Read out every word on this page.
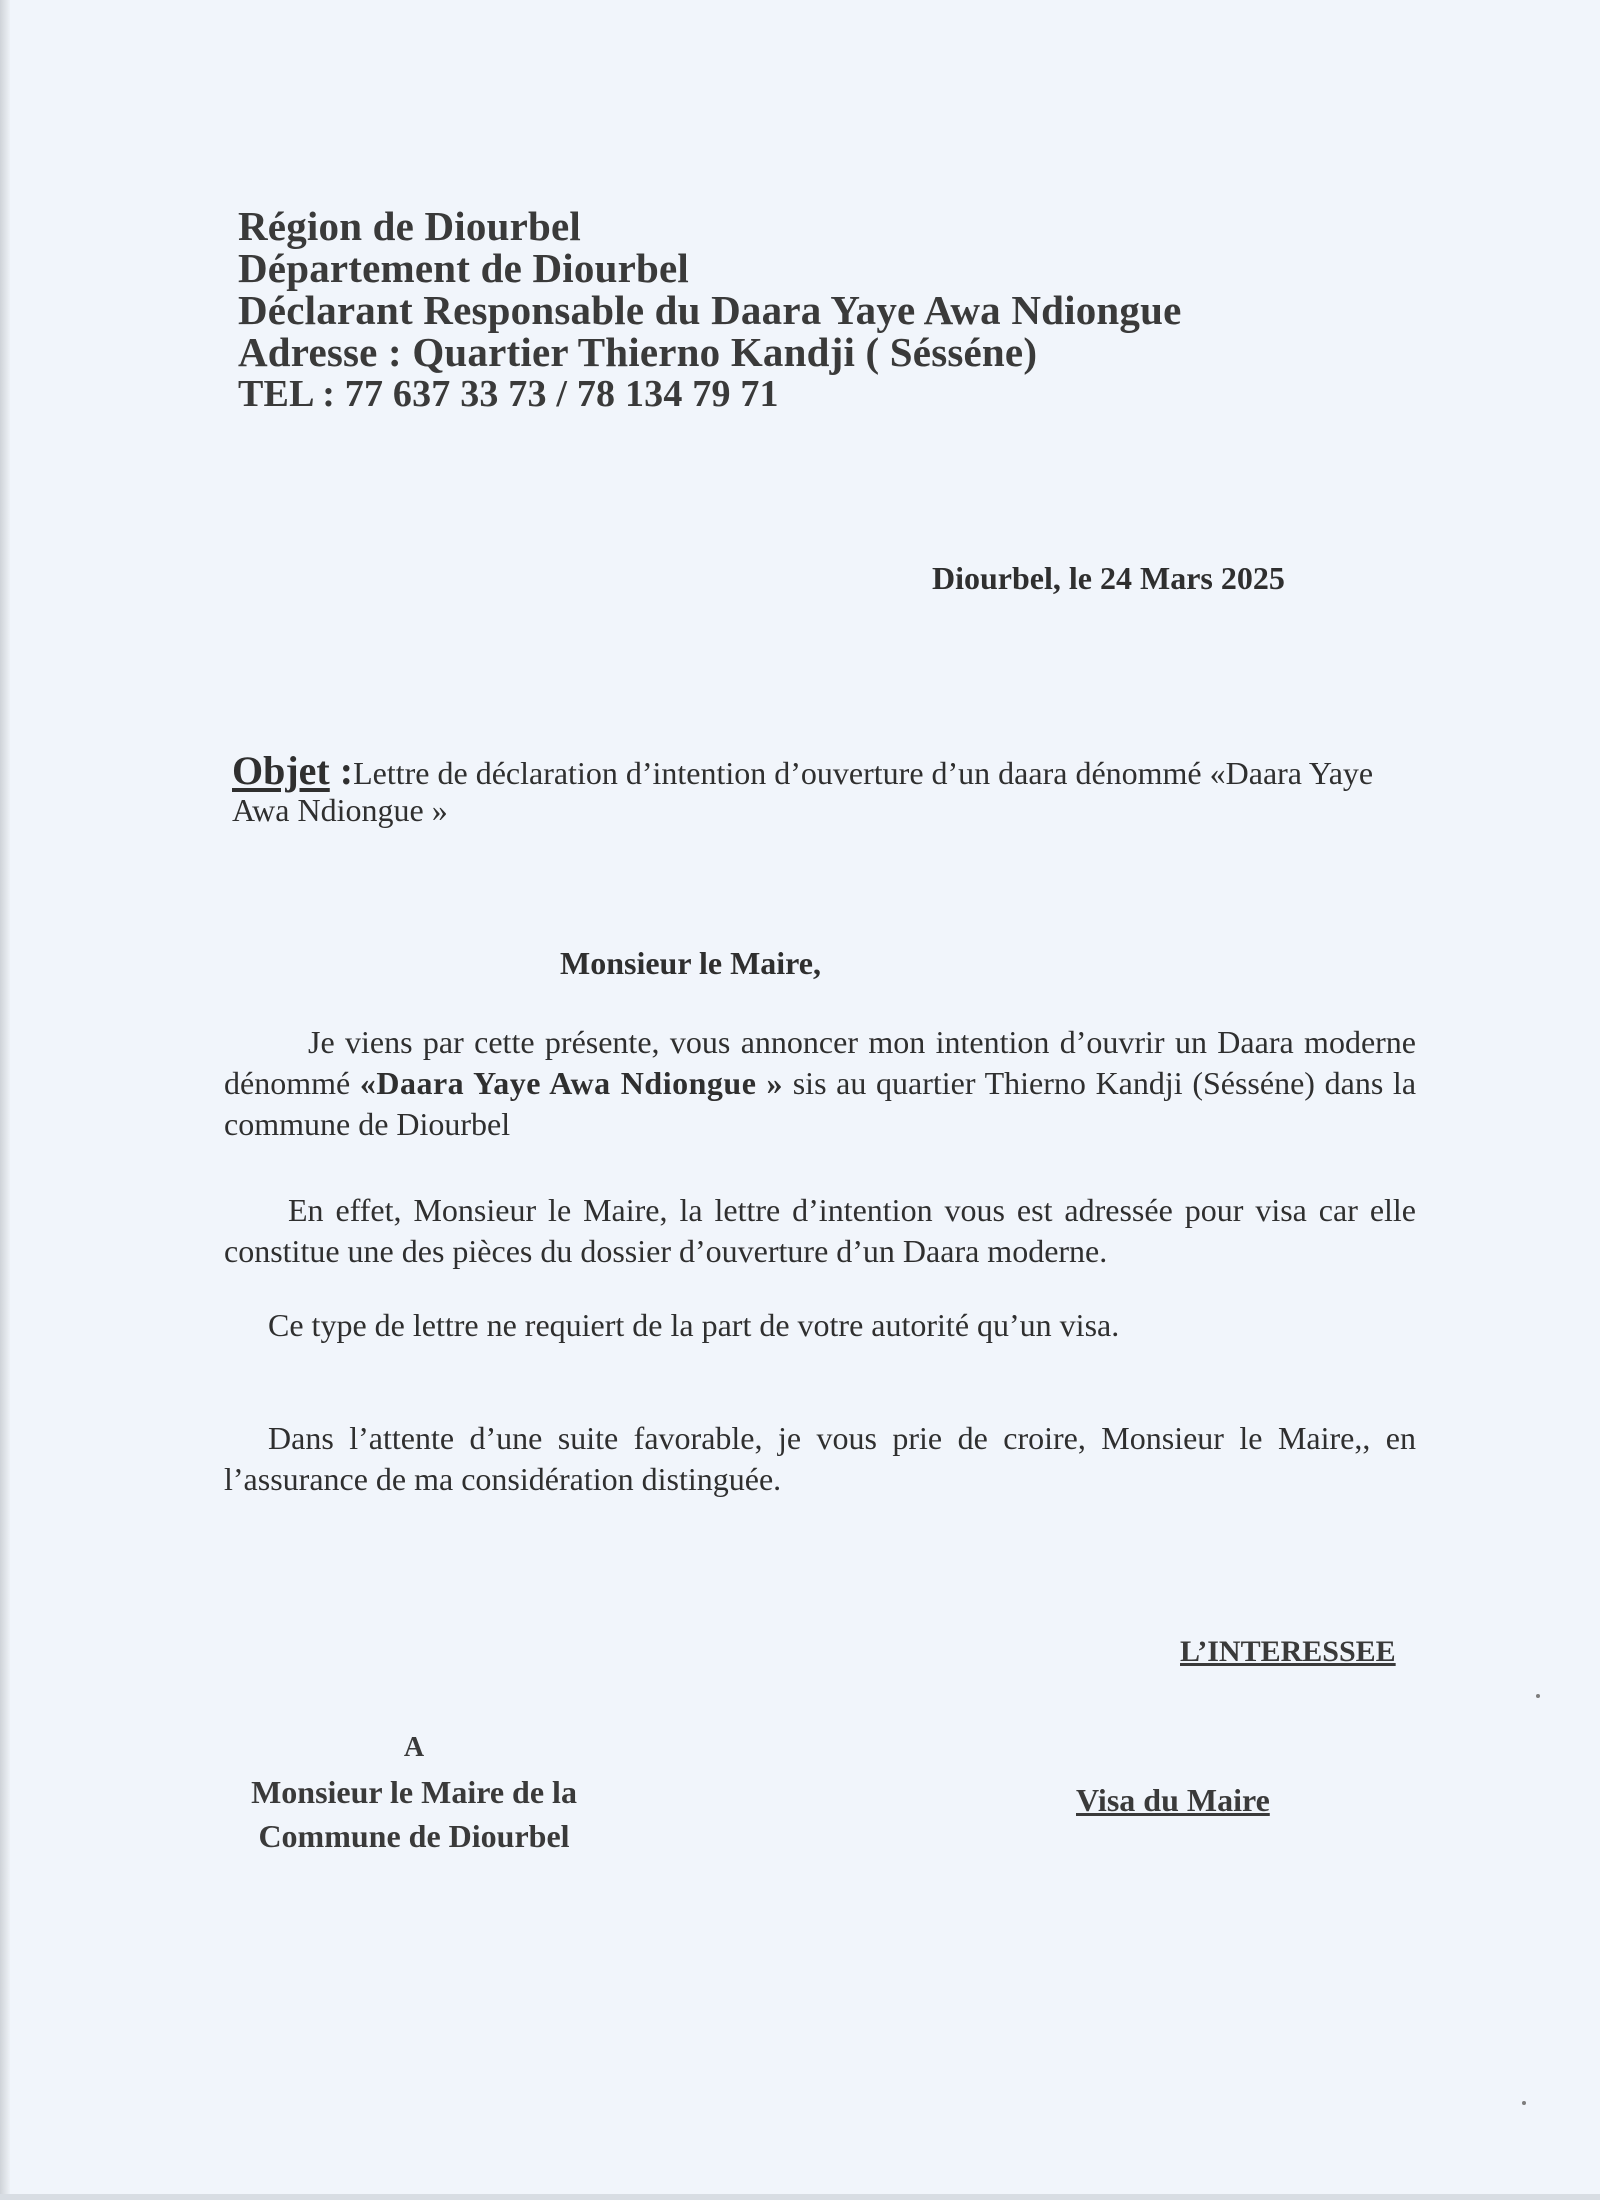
Région de Diourbel
Département de Diourbel
Déclarant Responsable du Daara Yaye Awa Ndiongue
Adresse : Quartier Thierno Kandji ( Sésséne)
TEL : 77 637 33 73 / 78 134 79 71
Diourbel, le 24 Mars 2025
Objet :Lettre de déclaration d’intention d’ouverture d’un daara dénommé «Daara Yaye Awa Ndiongue »
Monsieur le Maire,
Je viens par cette présente, vous annoncer mon intention d’ouvrir un Daara moderne dénommé «Daara Yaye Awa Ndiongue » sis au quartier Thierno Kandji (Sésséne) dans la commune de Diourbel
En effet, Monsieur le Maire, la lettre d’intention vous est adressée pour visa car elle constitue une des pièces du dossier d’ouverture d’un Daara moderne.
Ce type de lettre ne requiert de la part de votre autorité qu’un visa.
Dans l’attente d’une suite favorable, je vous prie de croire, Monsieur le Maire,, en l’assurance de ma considération distinguée.
L’INTERESSEE
A
Monsieur le Maire de la
Commune de Diourbel
Visa du Maire
